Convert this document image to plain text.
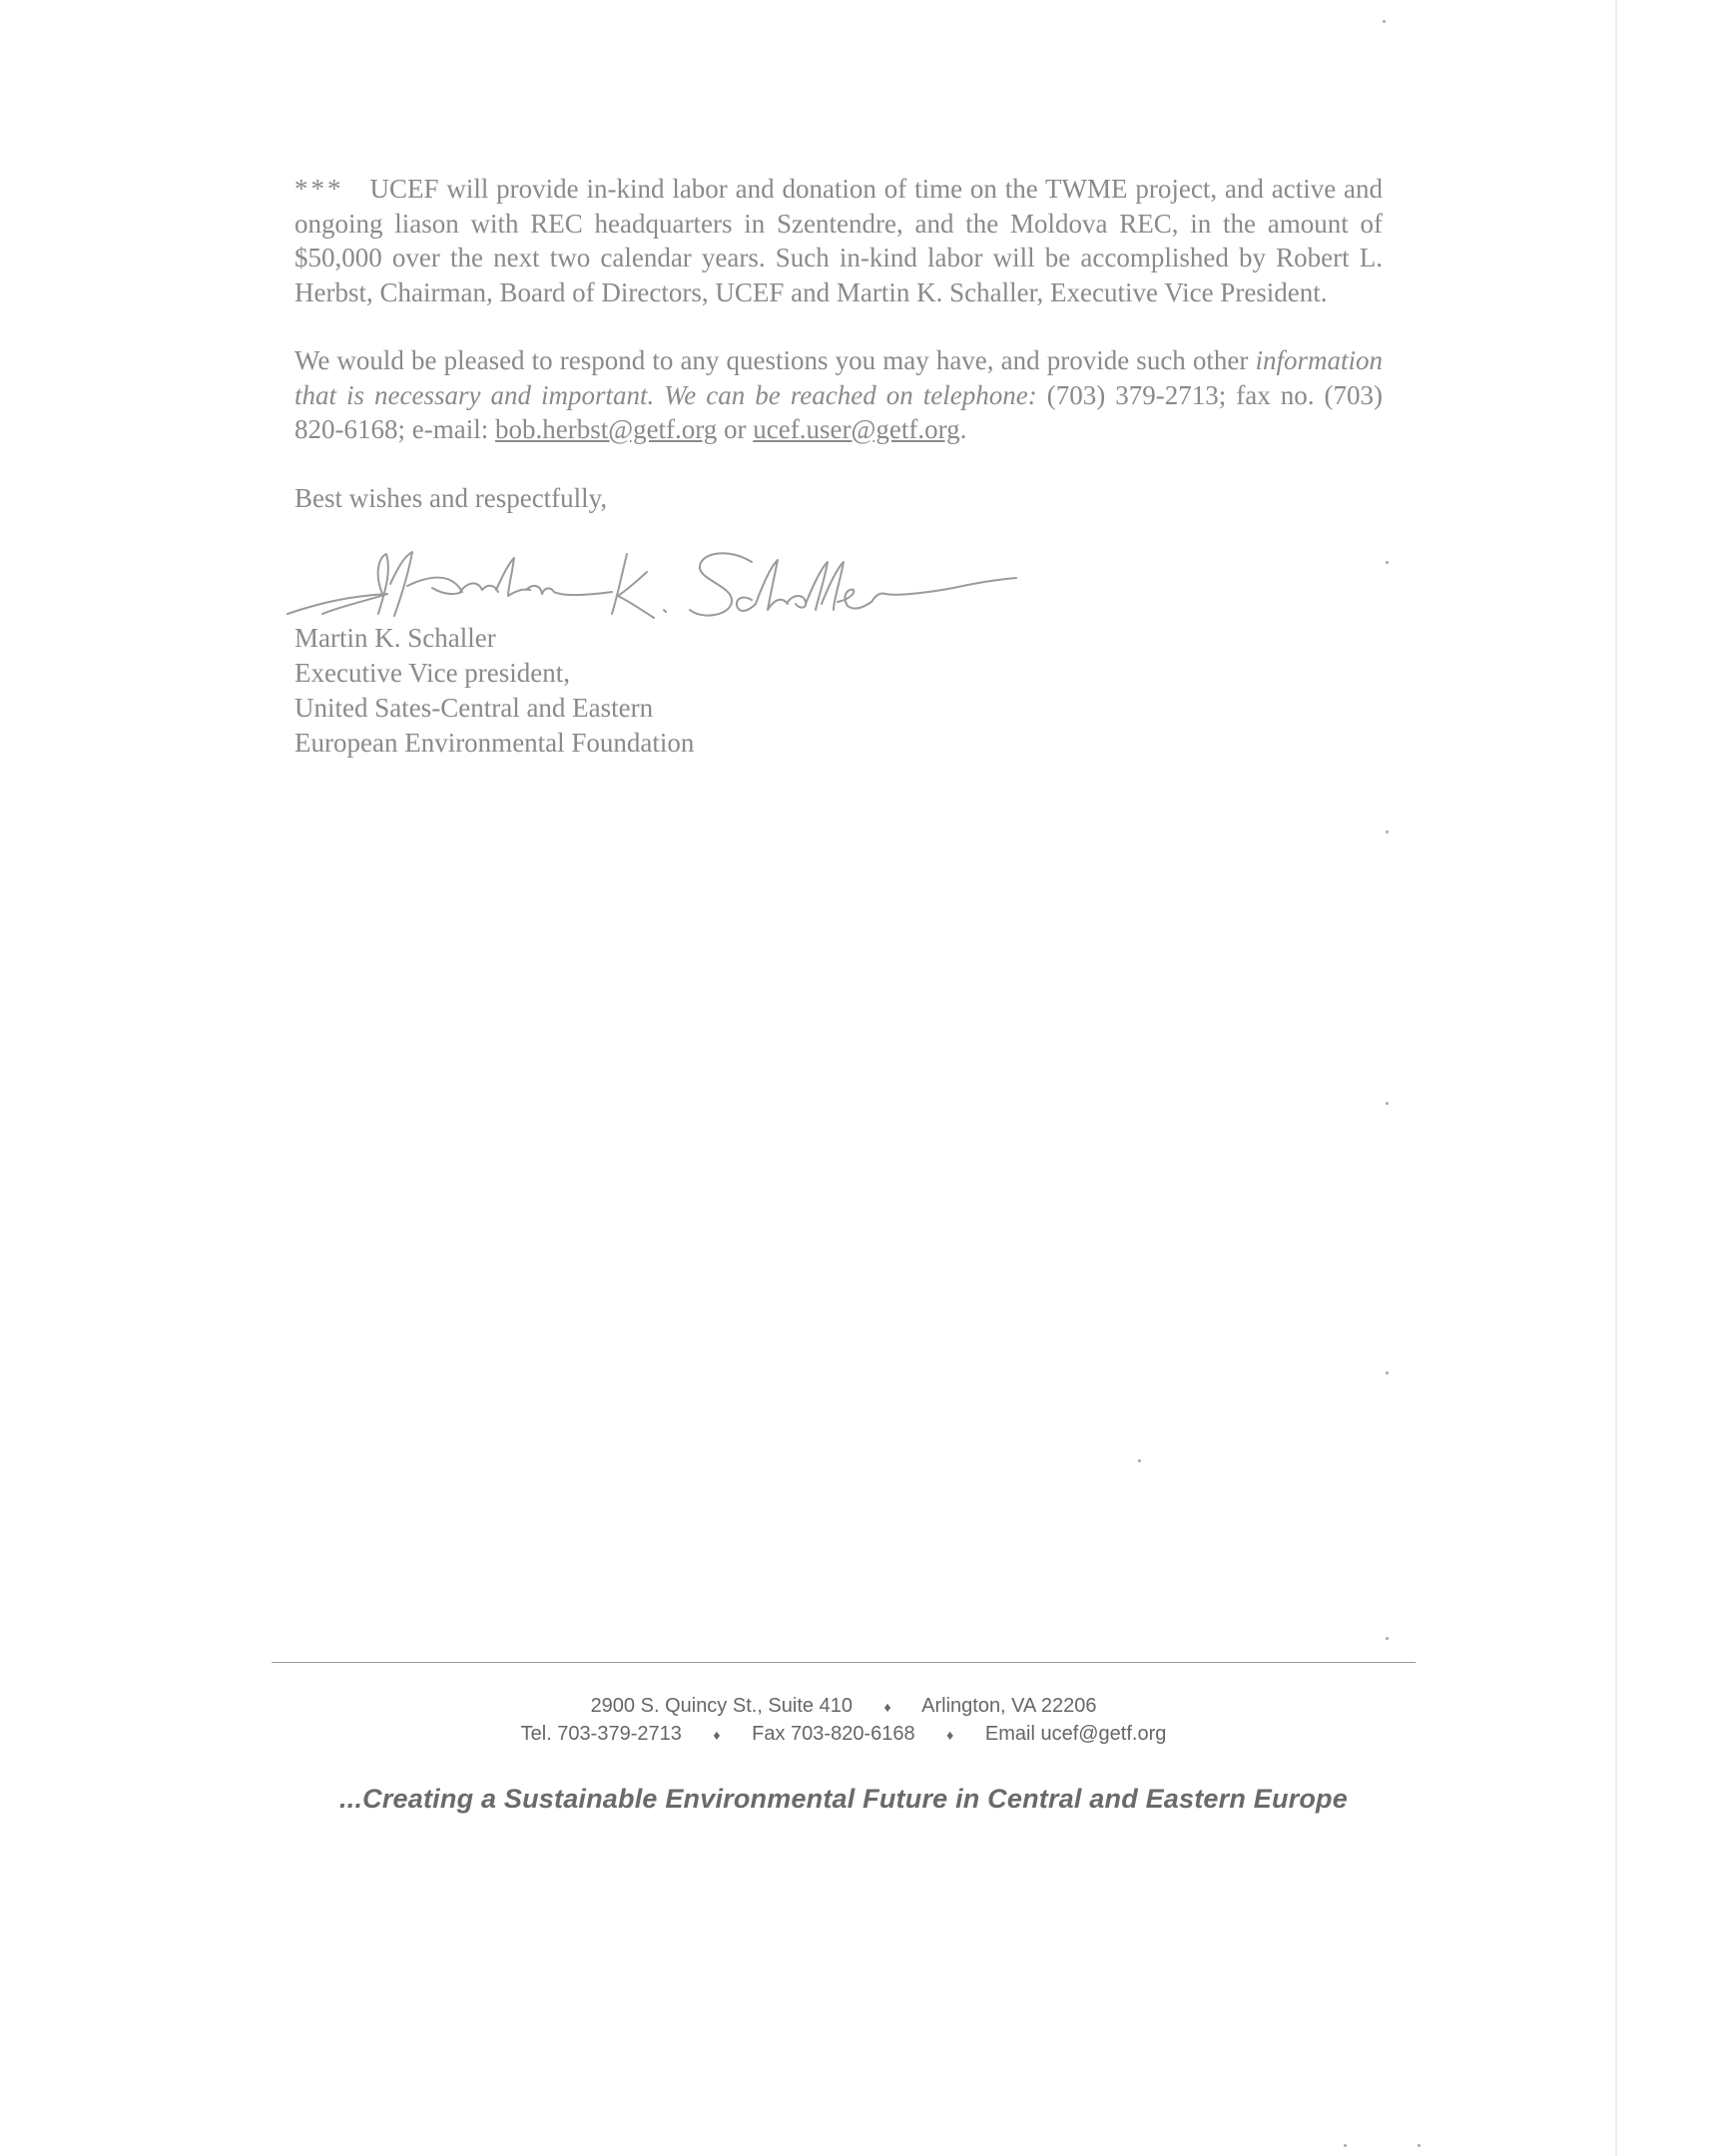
*** UCEF will provide in-kind labor and donation of time on the TWME project, and active and ongoing liason with REC headquarters in Szentendre, and the Moldova REC, in the amount of $50,000 over the next two calendar years. Such in-kind labor will be accomplished by Robert L. Herbst, Chairman, Board of Directors, UCEF and Martin K. Schaller, Executive Vice President.

We would be pleased to respond to any questions you may have, and provide such other information that is necessary and important. We can be reached on telephone: (703) 379-2713; fax no. (703) 820-6168; e-mail: bob.herbst@getf.org or ucef.user@getf.org.

Best wishes and respectfully,

Martin K. Schaller
Executive Vice president,
United Sates-Central and Eastern
European Environmental Foundation
2900 S. Quincy St., Suite 410 ♦ Arlington, VA 22206
Tel. 703-379-2713 ♦ Fax 703-820-6168 ♦ Email ucef@getf.org
...Creating a Sustainable Environmental Future in Central and Eastern Europe
